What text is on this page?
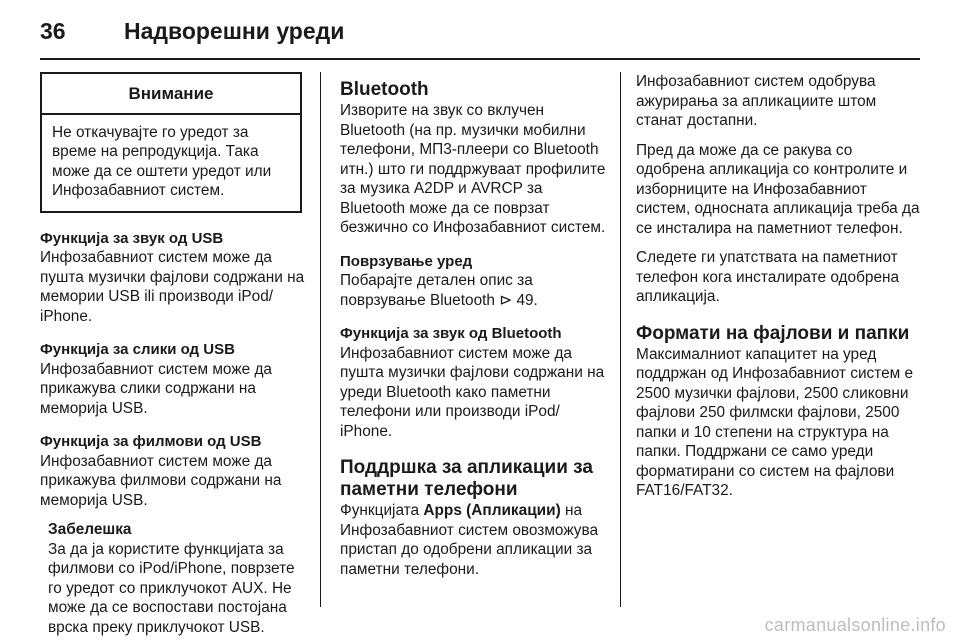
36	Надворешни уреди
Внимание
Не откачувајте го уредот за време на репродукција. Така може да се оштети уредот или Инфозабавниот систем.

Функција за звук од USB

Инфозабавниот систем може да пушта музички фајлови содржани на мемории USB ili производи iPod/ iPhone.

Функција за слики од USB

Инфозабавниот систем може да прикажува слики содржани на меморија USB.

Функција за филмови од USB

Инфозабавниот систем може да прикажува филмови содржани на меморија USB.

Забелешка

За да ја користите функцијата за филмови со iPod/iPhone, поврзете го уредот со приклучокот AUX. Не може да се воспостави постојана врска преку приклучокот USB.

Bluetooth

Изворите на звук со вклучен Bluetooth (на пр. музички мобилни телефони, МП3-плеери со Bluetooth итн.) што ги поддржуваат профилите за музика A2DP и AVRCP за Bluetooth може да се поврзат безжично со Инфозабавниот систем.

Поврзување уред

Побарајте детален опис за поврзување Bluetooth ⊳ 49.

Функција за звук од Bluetooth

Инфозабавниот систем може да пушта музички фајлови содржани на уреди Bluetooth како паметни телефони или производи iPod/ iPhone.

Поддршка за апликации за паметни телефони

Функцијата Apps (Апликации) на Инфозабавниот систем овозможува пристап до одобрени апликации за паметни телефони.

Инфозабавниот систем одобрува ажурирања за апликациите штом станат достапни.

Пред да може да се ракува со одобрена апликација со контролите и изборниците на Инфозабавниот систем, односната апликација треба да се инсталира на паметниот телефон.

Следете ги упатствата на паметниот телефон кога инсталирате одобрена апликација.

Формати на фајлови и папки

Максималниот капацитет на уред поддржан од Инфозабавниот систем е 2500 музички фајлови, 2500 сликовни фајлови 250 филмски фајлови, 2500 папки и 10 степени на структура на папки. Поддржани се само уреди форматирани со систем на фајлови FAT16/FAT32.

carmanualsonline.info
